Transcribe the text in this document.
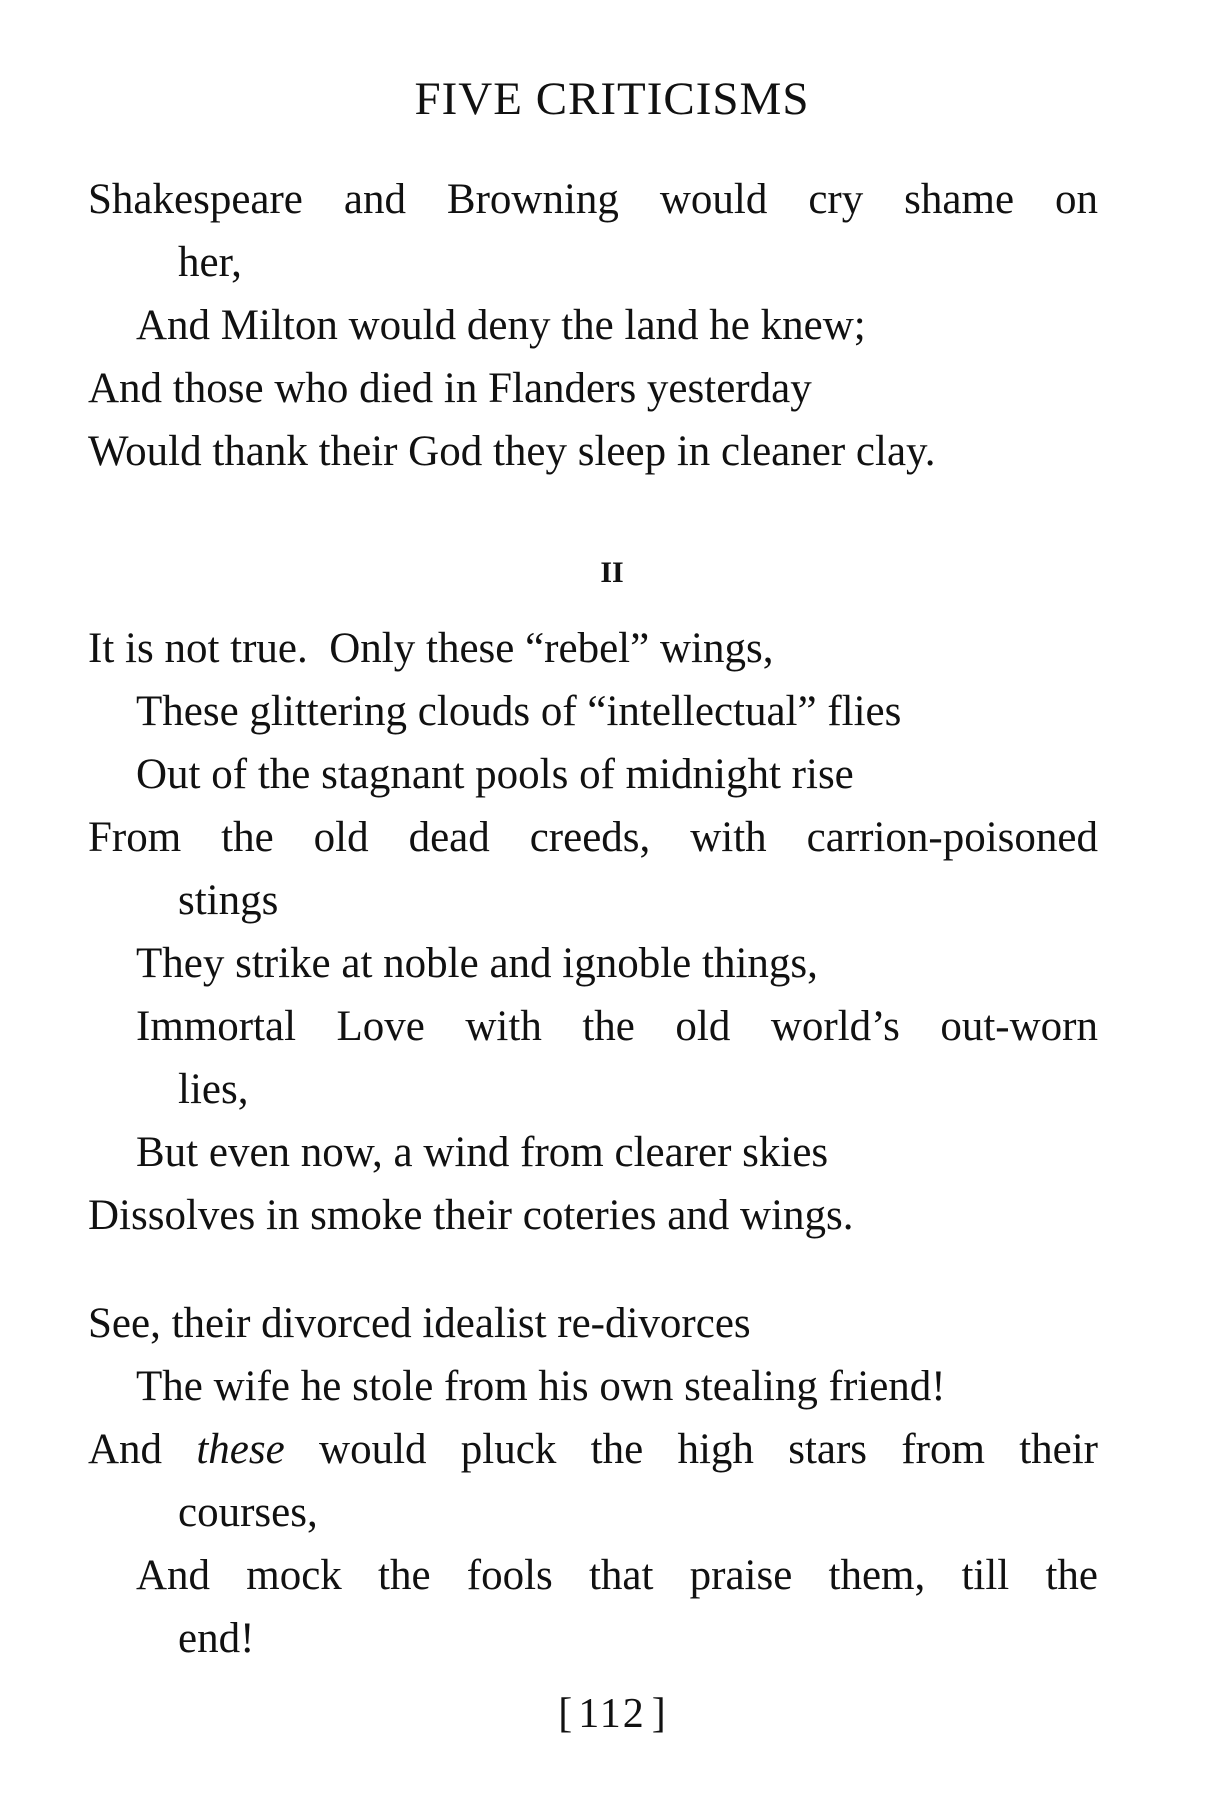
FIVE CRITICISMS
Shakespeare and Browning would cry shame on
her,
And Milton would deny the land he knew;
And those who died in Flanders yesterday
Would thank their God they sleep in cleaner clay.
II
It is not true.  Only these “rebel” wings,
These glittering clouds of “intellectual” flies
Out of the stagnant pools of midnight rise
From the old dead creeds, with carrion-poisoned
stings
They strike at noble and ignoble things,
Immortal Love with the old world’s out-worn
lies,
But even now, a wind from clearer skies
Dissolves in smoke their coteries and wings.
See, their divorced idealist re-divorces
The wife he stole from his own stealing friend!
And these would pluck the high stars from their
courses,
And mock the fools that praise them, till the
end!
[ 112 ]
